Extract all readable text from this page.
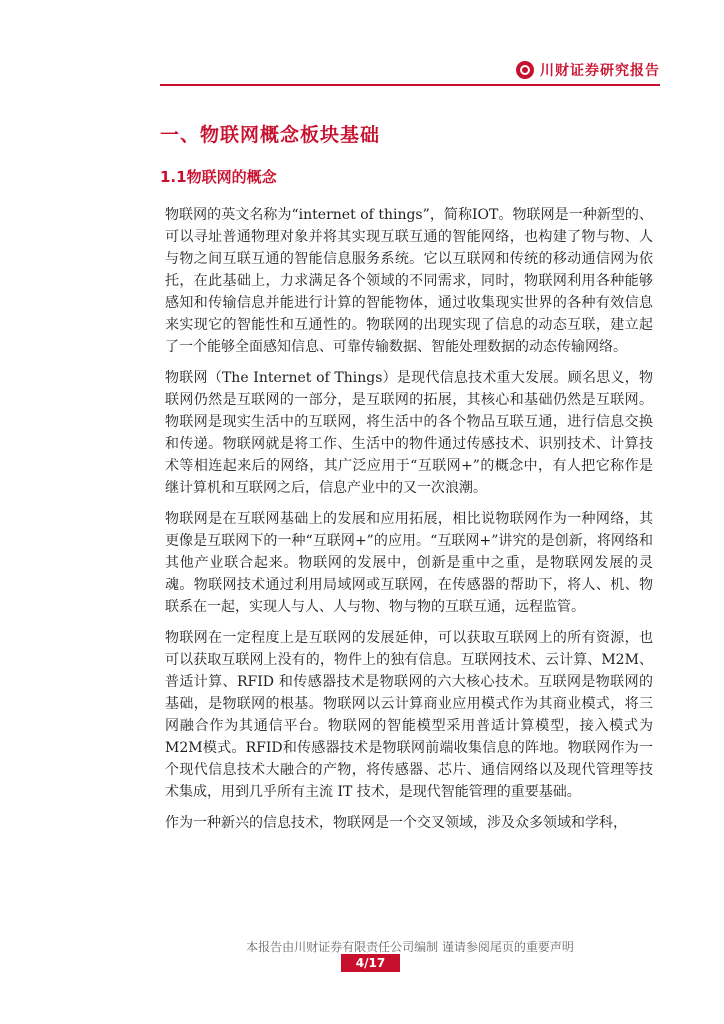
川财证券研究报告
一、物联网概念板块基础
1.1物联网的概念

物联网的英文名称为“internet of things”，简称IOT。物联网是一种新型的、可以寻址普通物理对象并将其实现互联互通的智能网络，也构建了物与物、人与物之间互联互通的智能信息服务系统。它以互联网和传统的移动通信网为依托，在此基础上，力求满足各个领域的不同需求，同时，物联网利用各种能够感知和传输信息并能进行计算的智能物体，通过收集现实世界的各种有效信息来实现它的智能性和互通性的。物联网的出现实现了信息的动态互联，建立起了一个能够全面感知信息、可靠传输数据、智能处理数据的动态传输网络。

物联网（The Internet of Things）是现代信息技术重大发展。顾名思义，物联网仍然是互联网的一部分，是互联网的拓展，其核心和基础仍然是互联网。物联网是现实生活中的互联网，将生活中的各个物品互联互通，进行信息交换和传递。物联网就是将工作、生活中的物件通过传感技术、识别技术、计算技术等相连起来后的网络，其广泛应用于“互联网+”的概念中，有人把它称作是继计算机和互联网之后，信息产业中的又一次浪潮。

物联网是在互联网基础上的发展和应用拓展，相比说物联网作为一种网络，其更像是互联网下的一种“互联网+”的应用。“互联网+”讲究的是创新，将网络和其他产业联合起来。物联网的发展中，创新是重中之重，是物联网发展的灵魂。物联网技术通过利用局域网或互联网，在传感器的帮助下，将人、机、物联系在一起，实现人与人、人与物、物与物的互联互通，远程监管。

物联网在一定程度上是互联网的发展延伸，可以获取互联网上的所有资源，也可以获取互联网上没有的，物件上的独有信息。互联网技术、云计算、M2M、普适计算、RFID 和传感器技术是物联网的六大核心技术。互联网是物联网的基础，是物联网的根基。物联网以云计算商业应用模式作为其商业模式，将三网融合作为其通信平台。物联网的智能模型采用普适计算模型，接入模式为 M2M模式。RFID和传感器技术是物联网前端收集信息的阵地。物联网作为一个现代信息技术大融合的产物，将传感器、芯片、通信网络以及现代管理等技术集成，用到几乎所有主流 IT 技术，是现代智能管理的重要基础。

作为一种新兴的信息技术，物联网是一个交叉领域，涉及众多领域和学科，

本报告由川财证券有限责任公司编制 谨请参阅尾页的重要声明
4/17
